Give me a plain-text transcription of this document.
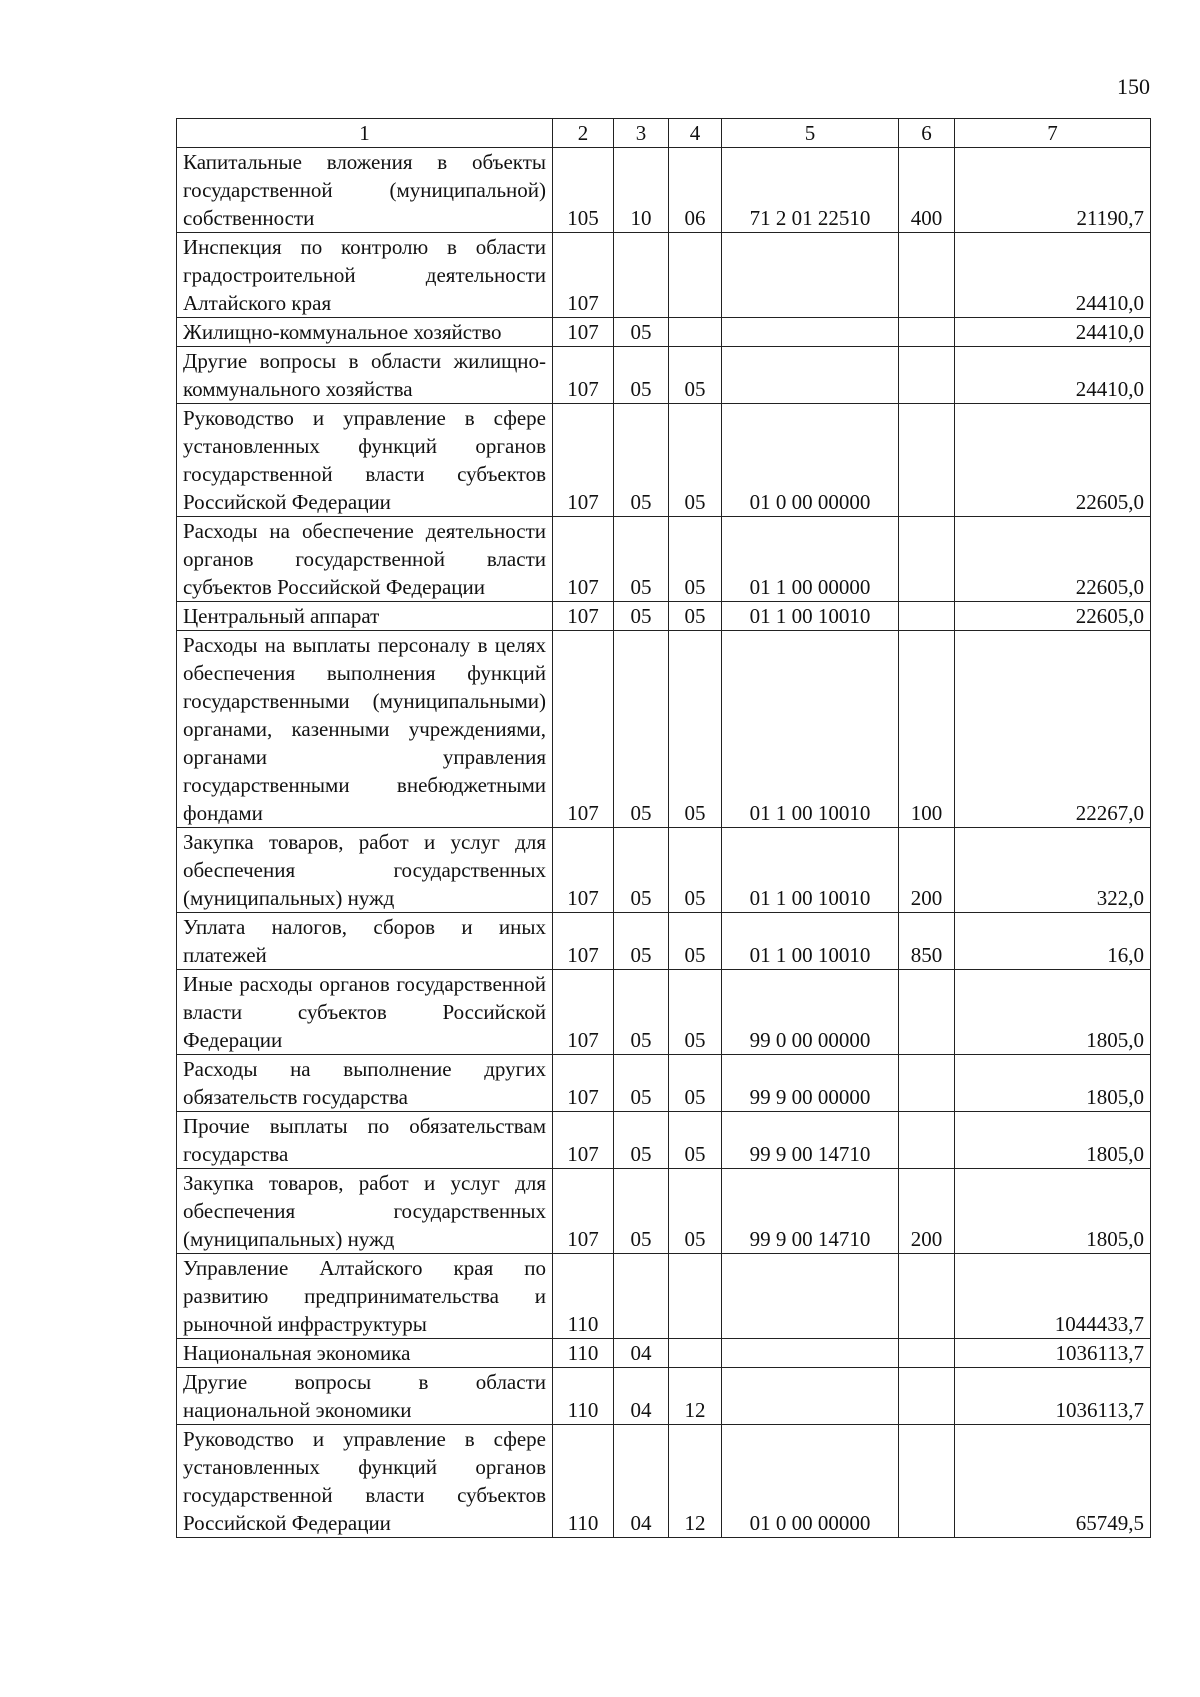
150
1	2	3	4	5	6	7
Капитальные вложения в объекты государственной (муниципальной) собственности	105	10	06	71 2 01 22510	400	21190,7
Инспекция по контролю в области градостроительной деятельности Алтайского края	107					24410,0
Жилищно-коммунальное хозяйство	107	05				24410,0
Другие вопросы в области жилищно-коммунального хозяйства	107	05	05			24410,0
Руководство и управление в сфере установленных функций органов государственной власти субъектов Российской Федерации	107	05	05	01 0 00 00000		22605,0
Расходы на обеспечение деятельности органов государственной власти субъектов Российской Федерации	107	05	05	01 1 00 00000		22605,0
Центральный аппарат	107	05	05	01 1 00 10010		22605,0
Расходы на выплаты персоналу в целях обеспечения выполнения функций государственными (муниципальными) органами, казенными учреждениями, органами управления государственными внебюджетными фондами	107	05	05	01 1 00 10010	100	22267,0
Закупка товаров, работ и услуг для обеспечения государственных (муниципальных) нужд	107	05	05	01 1 00 10010	200	322,0
Уплата налогов, сборов и иных платежей	107	05	05	01 1 00 10010	850	16,0
Иные расходы органов государственной власти субъектов Российской Федерации	107	05	05	99 0 00 00000		1805,0
Расходы на выполнение других обязательств государства	107	05	05	99 9 00 00000		1805,0
Прочие выплаты по обязательствам государства	107	05	05	99 9 00 14710		1805,0
Закупка товаров, работ и услуг для обеспечения государственных (муниципальных) нужд	107	05	05	99 9 00 14710	200	1805,0
Управление Алтайского края по развитию предпринимательства и рыночной инфраструктуры	110					1044433,7
Национальная экономика	110	04				1036113,7
Другие вопросы в области национальной экономики	110	04	12			1036113,7
Руководство и управление в сфере установленных функций органов государственной власти субъектов Российской Федерации	110	04	12	01 0 00 00000		65749,5
